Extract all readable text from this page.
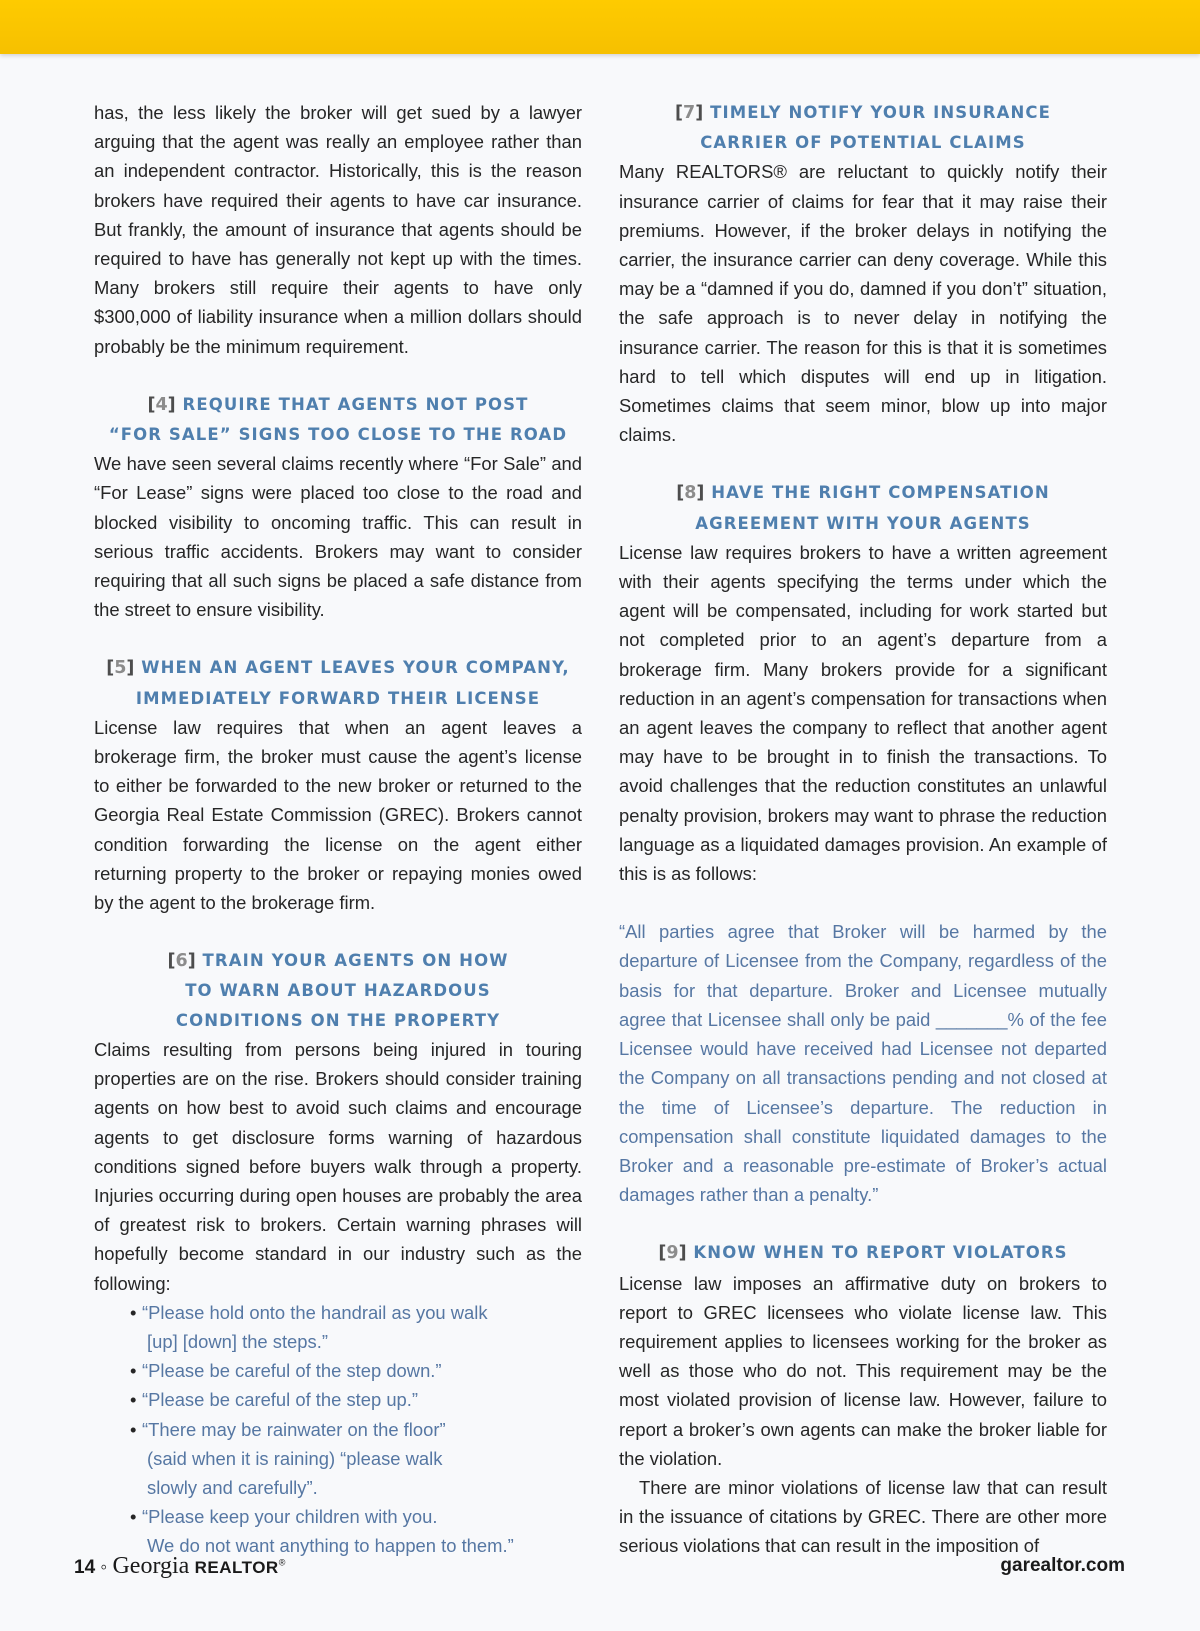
has, the less likely the broker will get sued by a lawyer arguing that the agent was really an employee rather than an independent contractor. Historically, this is the reason brokers have required their agents to have car insurance. But frankly, the amount of insurance that agents should be required to have has generally not kept up with the times. Many brokers still require their agents to have only $300,000 of liability insurance when a million dollars should probably be the minimum requirement.

[4] REQUIRE THAT AGENTS NOT POST
“FOR SALE” SIGNS TOO CLOSE TO THE ROAD

We have seen several claims recently where “For Sale” and “For Lease” signs were placed too close to the road and blocked visibility to oncoming traffic. This can result in serious traffic accidents. Brokers may want to consider requiring that all such signs be placed a safe distance from the street to ensure visibility.

[5] WHEN AN AGENT LEAVES YOUR COMPANY,
IMMEDIATELY FORWARD THEIR LICENSE

License law requires that when an agent leaves a brokerage firm, the broker must cause the agent’s license to either be forwarded to the new broker or returned to the Georgia Real Estate Commission (GREC). Brokers cannot condition forwarding the license on the agent either returning property to the broker or repaying monies owed by the agent to the brokerage firm.

[6] TRAIN YOUR AGENTS ON HOW
TO WARN ABOUT HAZARDOUS
CONDITIONS ON THE PROPERTY

Claims resulting from persons being injured in touring properties are on the rise. Brokers should consider training agents on how best to avoid such claims and encourage agents to get disclosure forms warning of hazardous conditions signed before buyers walk through a property. Injuries occurring during open houses are probably the area of greatest risk to brokers. Certain warning phrases will hopefully become standard in our industry such as the following:

• “Please hold onto the handrail as you walk
[up] [down] the steps.”
• “Please be careful of the step down.”
• “Please be careful of the step up.”
• “There may be rainwater on the floor”
(said when it is raining) “please walk
slowly and carefully”.
• “Please keep your children with you.
We do not want anything to happen to them.”
[7] TIMELY NOTIFY YOUR INSURANCE
CARRIER OF POTENTIAL CLAIMS

Many REALTORS® are reluctant to quickly notify their insurance carrier of claims for fear that it may raise their premiums. However, if the broker delays in notifying the carrier, the insurance carrier can deny coverage. While this may be a “damned if you do, damned if you don’t” situation, the safe approach is to never delay in notifying the insurance carrier. The reason for this is that it is sometimes hard to tell which disputes will end up in litigation. Sometimes claims that seem minor, blow up into major claims.

[8] HAVE THE RIGHT COMPENSATION
AGREEMENT WITH YOUR AGENTS

License law requires brokers to have a written agreement with their agents specifying the terms under which the agent will be compensated, including for work started but not completed prior to an agent’s departure from a brokerage firm. Many brokers provide for a significant reduction in an agent’s compensation for transactions when an agent leaves the company to reflect that another agent may have to be brought in to finish the transactions. To avoid challenges that the reduction constitutes an unlawful penalty provision, brokers may want to phrase the reduction language as a liquidated damages provision. An example of this is as follows:

“All parties agree that Broker will be harmed by the departure of Licensee from the Company, regardless of the basis for that departure. Broker and Licensee mutually agree that Licensee shall only be paid _______% of the fee Licensee would have received had Licensee not departed the Company on all transactions pending and not closed at the time of Licensee’s departure. The reduction in compensation shall constitute liquidated damages to the Broker and a reasonable pre-estimate of Broker’s actual damages rather than a penalty.”

[9] KNOW WHEN TO REPORT VIOLATORS

License law imposes an affirmative duty on brokers to report to GREC licensees who violate license law. This requirement applies to licensees working for the broker as well as those who do not. This requirement may be the most violated provision of license law. However, failure to report a broker’s own agents can make the broker liable for the violation.

There are minor violations of license law that can result in the issuance of citations by GREC. There are other more serious violations that can result in the imposition of

14 ◦ Georgia REALTOR®	garealtor.com
